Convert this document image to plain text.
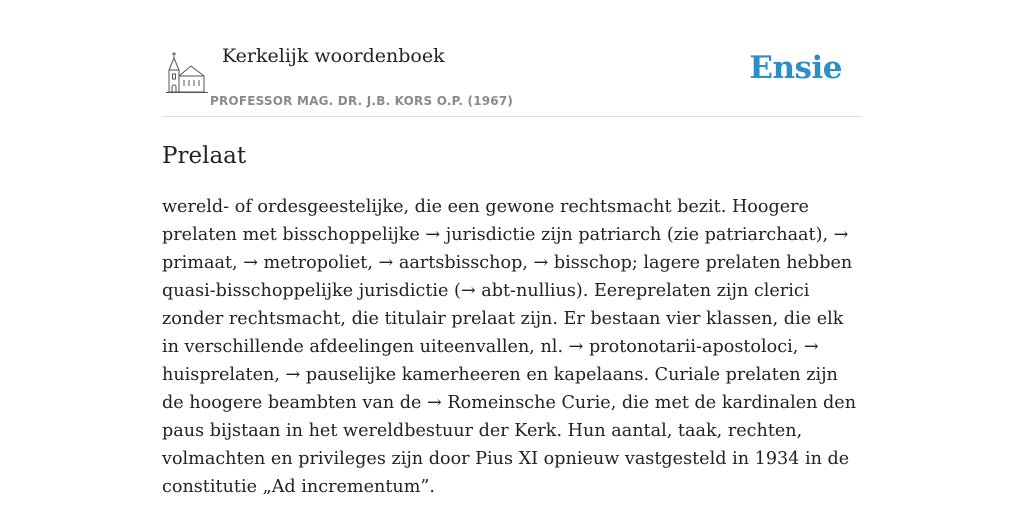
Kerkelijk woordenboek
PROFESSOR MAG. DR. J.B. KORS O.P. (1967)
Ensie
Prelaat

wereld- of ordesgeestelijke, die een gewone rechtsmacht bezit. Hoogere prelaten met bisschoppelijke → jurisdictie zijn patriarch (zie patriarchaat), → primaat, → metropoliet, → aartsbisschop, → bisschop; lagere prelaten hebben quasi-bisschoppelijke jurisdictie (→ abt-nullius). Eereprelaten zijn clerici zonder rechtsmacht, die titulair prelaat zijn. Er bestaan vier klassen, die elk in verschillende afdeelingen uiteenvallen, nl. → protonotarii-apostoloci, → huisprelaten, → pauselijke kamerheeren en kapelaans. Curiale prelaten zijn de hoogere beambten van de → Romeinsche Curie, die met de kardinalen den paus bijstaan in het wereldbestuur der Kerk. Hun aantal, taak, rechten, volmachten en privileges zijn door Pius XI opnieuw vastgesteld in 1934 in de constitutie „Ad incrementum”.
